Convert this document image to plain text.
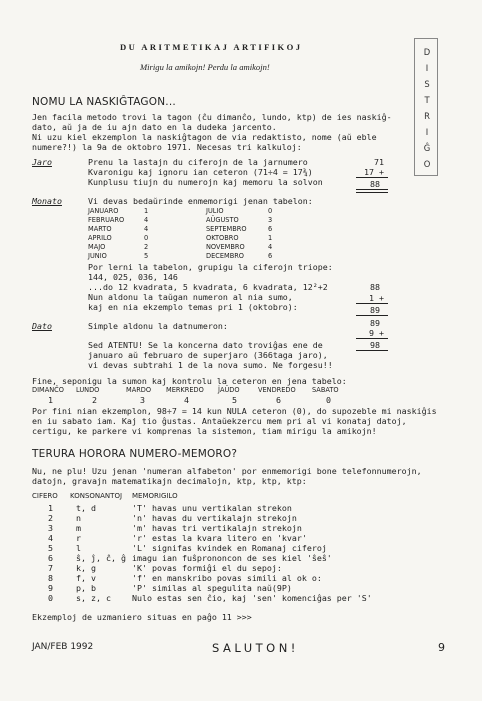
DU ARITMETIKAJ ARTIFIKOJ
Mirigu la amikojn! Perdu la amikojn!
D
I
S
T
R
I
Ĝ
O
NOMU LA NASKIĜTAGON...
Jen facila metodo trovi la tagon (ĉu dimanĉo, lundo, ktp) de ies naskiĝ-
dato, aŭ ja de iu ajn dato en la dudeka jarcento.
Ni uzu kiel ekzemplon la naskiĝtagon de via redaktisto, nome (aŭ eble
numere?!) la 9a de oktobro 1971. Necesas tri kalkuloj:
Jaro	Prenu la lastajn du ciferojn de la jarnumero
Kvaronigu kaj ignoru ian ceteron (71÷4 = 17¾)
Kunplusu tiujn du numerojn kaj memoru la solvon
71
17 +
88
Monato	Vi devas bedaŭrinde enmemorigi jenan tabelon:
JANUARO	1
FEBRUARO	4
MARTO	4
APRILO	0
MAJO	2
JUNIO	5
JULIO	0
AŬGUSTO	3
SEPTEMBRO	6
OKTOBRO	1
NOVEMBRO	4
DECEMBRO	6
Por lerni la tabelon, grupigu la ciferojn triope:
144, 025, 036, 146
...do 12 kvadrata, 5 kvadrata, 6 kvadrata, 12²+2
Nun aldonu la taŭgan numeron al nia sumo,
kaj en nia ekzemplo temas pri 1 (oktobro):
88
1 +
89
Dato	Simple aldonu la datnumeron:	89
9 +
98
Sed ATENTU! Se la koncerna dato troviĝas ene de
januaro aŭ februaro de superjaro (366taga jaro),
vi devas subtrahi 1 de la nova sumo. Ne forgesu!!
Fine, seponigu la sumon kaj kontrolu la ceteron en jena tabelo:
DIMANĈO LUNDO	MARDO MERKREDO ĴAŬDO	VENDREDO SABATO
1	2	3	4	5	6	0
Por fini nian ekzemplon, 98÷7 = 14 kun NULA ceteron (0), do supozeble mi naskiĝis
en iu sabato iam. Kaj tio ĝustas. Antaŭekzercu mem pri al vi konataj datoj,
certigu, ke parkere vi komprenas la sistemon, tiam mirigu la amikojn!
TERURA HORORA NUMERO-MEMORO?
Nu, ne plu! Uzu jenan 'numeran alfabeton' por enmemorigi bone telefonnumerojn,
datojn, gravajn matematikajn decimalojn, ktp, ktp, ktp:
CIFERO KONSONANTOJ MEMORIGILO
1	t, d	'T' havas unu vertikalan strekon
2	n	'n' havas du vertikalajn strekojn
3	m	'm' havas tri vertikalajn strekojn
4	r	'r' estas la kvara litero en 'kvar'
5	l	'L' signifas kvindek en Romanaj ciferoj
6	ŝ, ĵ, ĉ, ĝ imagu ian fuŝprononcon de ses kiel 'ŝeŝ'
7	k, g	'K' povas formiĝi el du sepoj:
8	f, v	'f' en manskribo povas simili al ok o:
9	p, b	'P' similas al spegulita naŭ(9P)
0	s, z, c	Nulo estas sen ĉio, kaj 'sen' komenciĝas per 'S'
Ekzemploj de uzmaniero situas en paĝo 11 >>>
JAN/FEB 1992	SALUTON!	9
